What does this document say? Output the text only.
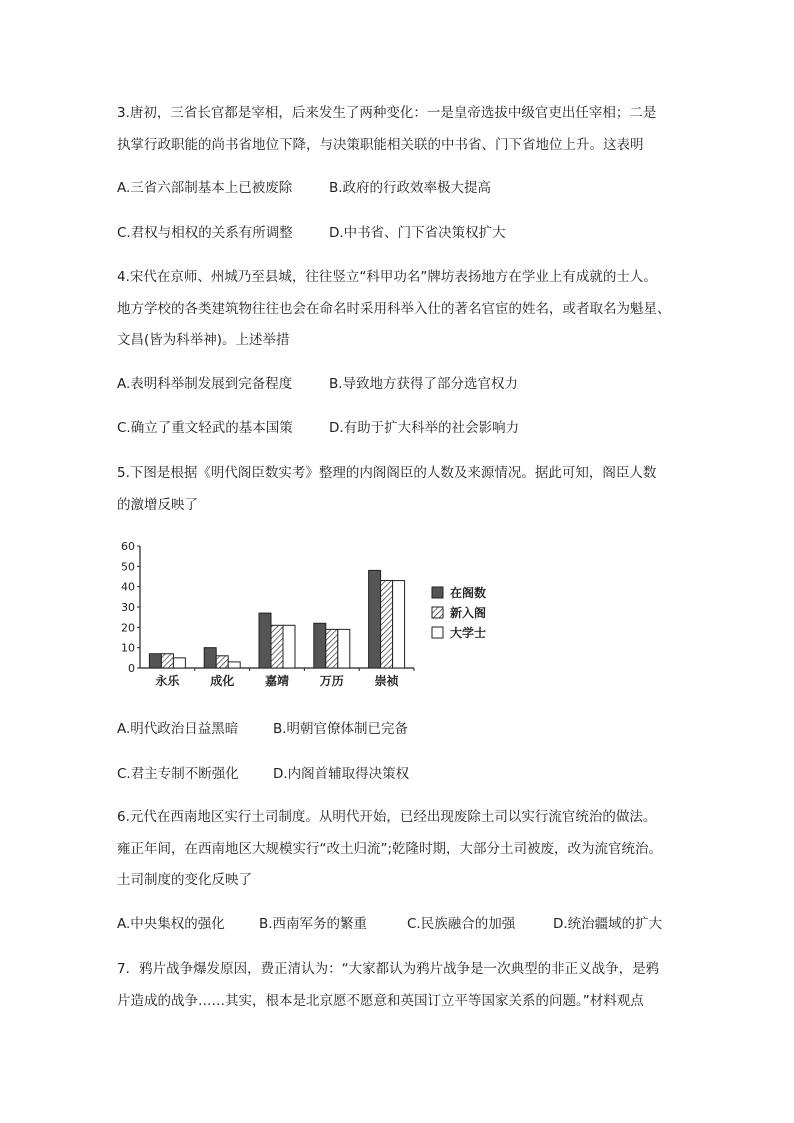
3.唐初，三省长官都是宰相，后来发生了两种变化：一是皇帝选拔中级官吏出任宰相；二是
执掌行政职能的尚书省地位下降，与决策职能相关联的中书省、门下省地位上升。这表明
A.三省六部制基本上已被废除	B.政府的行政效率极大提高
C.君权与相权的关系有所调整	D.中书省、门下省决策权扩大
4.宋代在京师、州城乃至县城，往往竖立“科甲功名”牌坊表扬地方在学业上有成就的士人。
地方学校的各类建筑物往往也会在命名时采用科举入仕的著名官宦的姓名，或者取名为魁星、
文昌(皆为科举神)。上述举措
A.表明科举制发展到完备程度	B.导致地方获得了部分选官权力
C.确立了重文轻武的基本国策	D.有助于扩大科举的社会影响力
5.下图是根据《明代阁臣数实考》整理的内阁阁臣的人数及来源情况。据此可知，阁臣人数
的激增反映了
0
10
20
30
40
50
60
永乐	成化	嘉靖	万历	崇祯
在阁数
新入阁
大学士
A.明代政治日益黑暗	B.明朝官僚体制已完备
C.君主专制不断强化	D.内阁首辅取得决策权
6.元代在西南地区实行土司制度。从明代开始，已经出现废除土司以实行流官统治的做法。
雍正年间，在西南地区大规模实行“改土归流”;乾隆时期，大部分土司被废，改为流官统治。
土司制度的变化反映了
A.中央集权的强化	B.西南军务的繁重	C.民族融合的加强	D.统治疆域的扩大
7．鸦片战争爆发原因，费正清认为：“大家都认为鸦片战争是一次典型的非正义战争，是鸦
片造成的战争……其实，根本是北京愿不愿意和英国订立平等国家关系的问题。”材料观点
